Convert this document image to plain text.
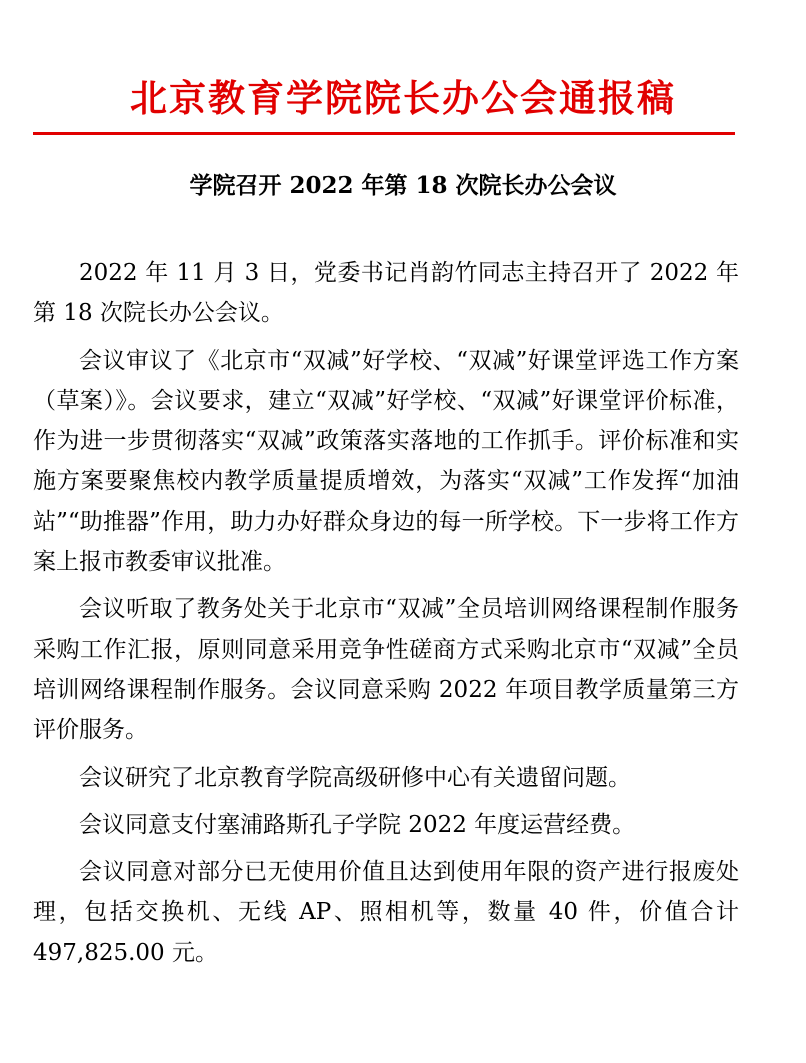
北京教育学院院长办公会通报稿
学院召开 2022 年第 18 次院长办公会议

2022 年 11 月 3 日，党委书记肖韵竹同志主持召开了 2022 年第 18 次院长办公会议。

会议审议了《北京市“双减”好学校、“双减”好课堂评选工作方案（草案）》。会议要求，建立“双减”好学校、“双减”好课堂评价标准，作为进一步贯彻落实“双减”政策落实落地的工作抓手。评价标准和实施方案要聚焦校内教学质量提质增效，为落实“双减”工作发挥“加油站”“助推器”作用，助力办好群众身边的每一所学校。下一步将工作方案上报市教委审议批准。

会议听取了教务处关于北京市“双减”全员培训网络课程制作服务采购工作汇报，原则同意采用竞争性磋商方式采购北京市“双减”全员培训网络课程制作服务。会议同意采购 2022 年项目教学质量第三方评价服务。

会议研究了北京教育学院高级研修中心有关遗留问题。

会议同意支付塞浦路斯孔子学院 2022 年度运营经费。

会议同意对部分已无使用价值且达到使用年限的资产进行报废处理，包括交换机、无线 AP、照相机等，数量 40 件，价值合计 497,825.00 元。
